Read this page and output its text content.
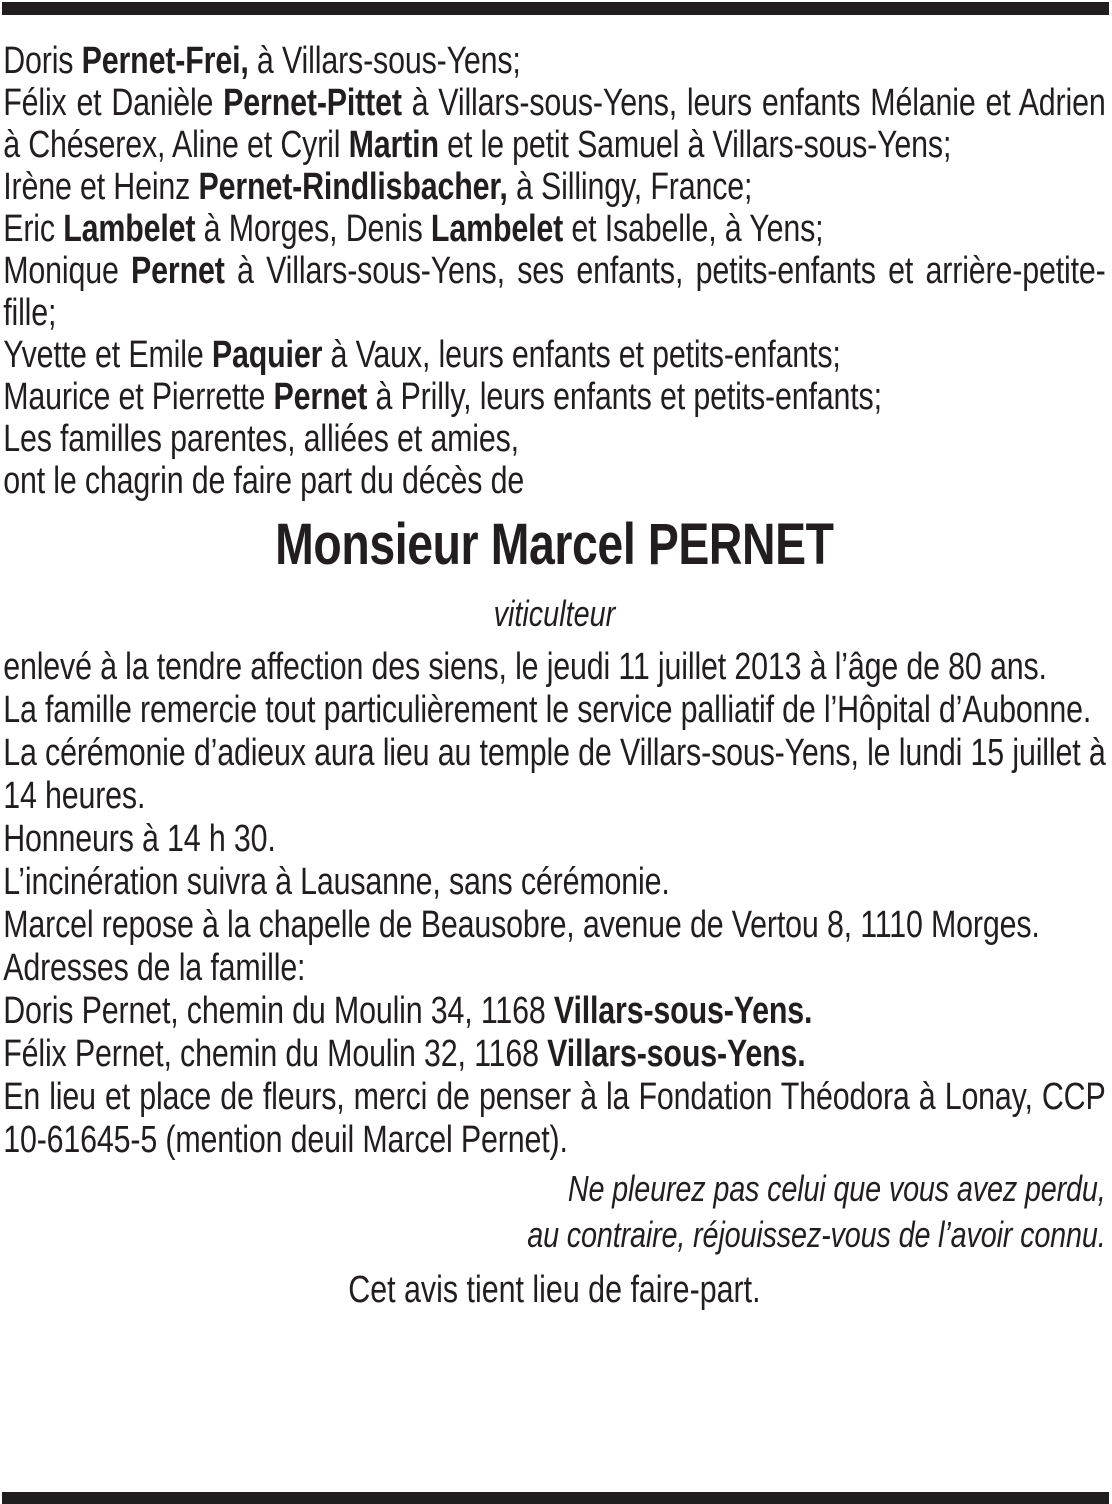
Doris Pernet-Frei, à Villars-sous-Yens;

Félix et Danièle Pernet-Pittet à Villars-sous-Yens, leurs enfants Mélanie et Adrien à Chéserex, Aline et Cyril Martin et le petit Samuel à Villars-sous-Yens;

Irène et Heinz Pernet-Rindlisbacher, à Sillingy, France;

Eric Lambelet à Morges, Denis Lambelet et Isabelle, à Yens;

Monique Pernet à Villars-sous-Yens, ses enfants, petits-enfants et arrière-petite-fille;

Yvette et Emile Paquier à Vaux, leurs enfants et petits-enfants;

Maurice et Pierrette Pernet à Prilly, leurs enfants et petits-enfants;

Les familles parentes, alliées et amies,

ont le chagrin de faire part du décès de

Monsieur Marcel PERNET

viticulteur

enlevé à la tendre affection des siens, le jeudi 11 juillet 2013 à l’âge de 80 ans.

La famille remercie tout particulièrement le service palliatif de l’Hôpital d’Aubonne.

La cérémonie d’adieux aura lieu au temple de Villars-sous-Yens, le lundi 15 juillet à 14 heures.

Honneurs à 14 h 30.

L’incinération suivra à Lausanne, sans cérémonie.

Marcel repose à la chapelle de Beausobre, avenue de Vertou 8, 1110 Morges.

Adresses de la famille:

Doris Pernet, chemin du Moulin 34, 1168 Villars-sous-Yens.

Félix Pernet, chemin du Moulin 32, 1168 Villars-sous-Yens.

En lieu et place de fleurs, merci de penser à la Fondation Théodora à Lonay, CCP 10-61645-5 (mention deuil Marcel Pernet).

Ne pleurez pas celui que vous avez perdu,

au contraire, réjouissez-vous de l’avoir connu.

Cet avis tient lieu de faire-part.
